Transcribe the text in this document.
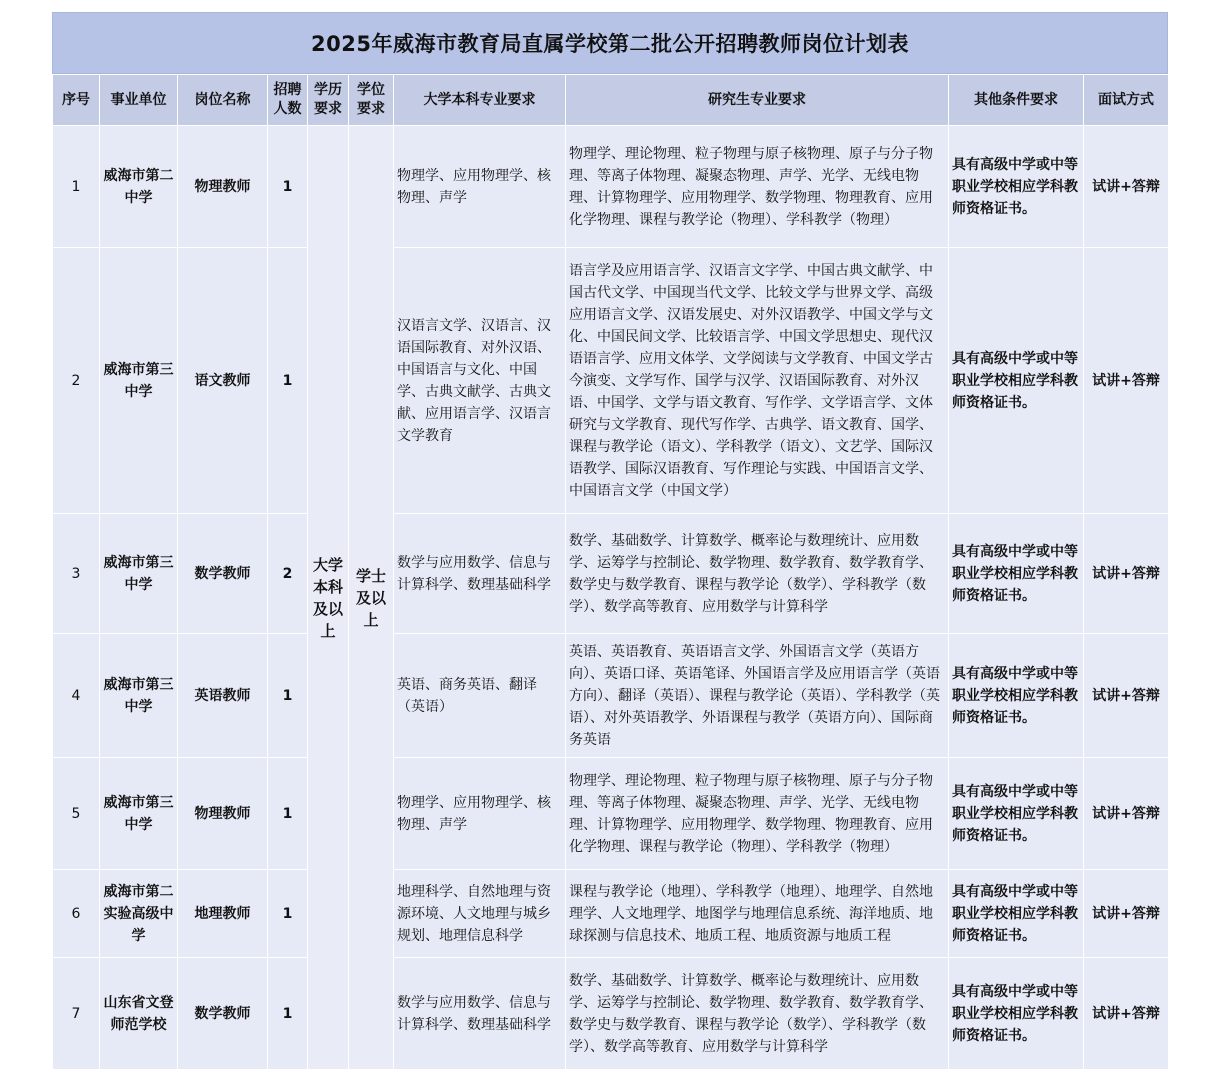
2025年威海市教育局直属学校第二批公开招聘教师岗位计划表
序号	事业单位	岗位名称	招聘人数	学历要求	学位要求	大学本科专业要求	研究生专业要求	其他条件要求	面试方式
1	威海市第二中学	物理教师	1	大学本科及以上	学士及以上	物理学、应用物理学、核物理、声学	物理学、理论物理、粒子物理与原子核物理、原子与分子物理、等离子体物理、凝聚态物理、声学、光学、无线电物理、计算物理学、应用物理学、数学物理、物理教育、应用化学物理、课程与教学论（物理）、学科教学（物理）	具有高级中学或中等职业学校相应学科教师资格证书。	试讲+答辩
2	威海市第三中学	语文教师	1			汉语言文学、汉语言、汉语国际教育、对外汉语、中国语言与文化、中国学、古典文献学、古典文献、应用语言学、汉语言文学教育	语言学及应用语言学、汉语言文字学、中国古典文献学、中国古代文学、中国现当代文学、比较文学与世界文学、高级应用语言文学、汉语发展史、对外汉语教学、中国文学与文化、中国民间文学、比较语言学、中国文学思想史、现代汉语语言学、应用文体学、文学阅读与文学教育、中国文学古今演变、文学写作、国学与汉学、汉语国际教育、对外汉语、中国学、文学与语文教育、写作学、文学语言学、文体研究与文学教育、现代写作学、古典学、语文教育、国学、课程与教学论（语文）、学科教学（语文）、文艺学、国际汉语教学、国际汉语教育、写作理论与实践、中国语言文学、中国语言文学（中国文学）	具有高级中学或中等职业学校相应学科教师资格证书。	试讲+答辩
3	威海市第三中学	数学教师	2			数学与应用数学、信息与计算科学、数理基础科学	数学、基础数学、计算数学、概率论与数理统计、应用数学、运筹学与控制论、数学物理、数学教育、数学教育学、数学史与数学教育、课程与教学论（数学）、学科教学（数学）、数学高等教育、应用数学与计算科学	具有高级中学或中等职业学校相应学科教师资格证书。	试讲+答辩
4	威海市第三中学	英语教师	1			英语、商务英语、翻译（英语）	英语、英语教育、英语语言文学、外国语言文学（英语方向）、英语口译、英语笔译、外国语言学及应用语言学（英语方向）、翻译（英语）、课程与教学论（英语）、学科教学（英语）、对外英语教学、外语课程与教学（英语方向）、国际商务英语	具有高级中学或中等职业学校相应学科教师资格证书。	试讲+答辩
5	威海市第三中学	物理教师	1			物理学、应用物理学、核物理、声学	物理学、理论物理、粒子物理与原子核物理、原子与分子物理、等离子体物理、凝聚态物理、声学、光学、无线电物理、计算物理学、应用物理学、数学物理、物理教育、应用化学物理、课程与教学论（物理）、学科教学（物理）	具有高级中学或中等职业学校相应学科教师资格证书。	试讲+答辩
6	威海市第二实验高级中学	地理教师	1			地理科学、自然地理与资源环境、人文地理与城乡规划、地理信息科学	课程与教学论（地理）、学科教学（地理）、地理学、自然地理学、人文地理学、地图学与地理信息系统、海洋地质、地球探测与信息技术、地质工程、地质资源与地质工程	具有高级中学或中等职业学校相应学科教师资格证书。	试讲+答辩
7	山东省文登师范学校	数学教师	1			数学与应用数学、信息与计算科学、数理基础科学	数学、基础数学、计算数学、概率论与数理统计、应用数学、运筹学与控制论、数学物理、数学教育、数学教育学、数学史与数学教育、课程与教学论（数学）、学科教学（数学）、数学高等教育、应用数学与计算科学	具有高级中学或中等职业学校相应学科教师资格证书。	试讲+答辩
